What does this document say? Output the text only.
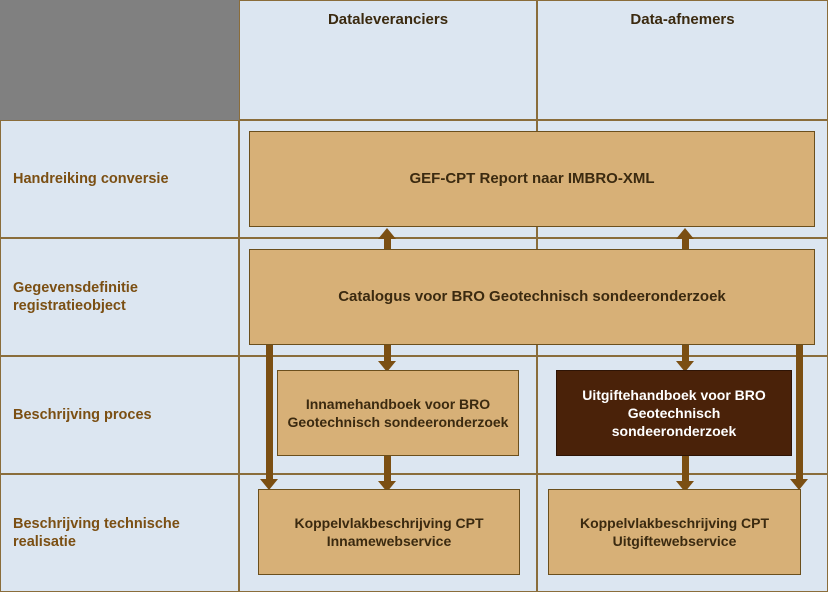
Dataleveranciers	Data-afnemers
Handreiking conversie
Gegevensdefinitie registratieobject
Beschrijving proces
Beschrijving technische realisatie
GEF-CPT Report naar IMBRO-XML
Catalogus voor BRO Geotechnisch sondeeronderzoek
Innamehandboek voor BRO Geotechnisch sondeeronderzoek
Uitgiftehandboek voor BRO Geotechnisch sondeeronderzoek
Koppelvlakbeschrijving CPT Innamewebservice
Koppelvlakbeschrijving CPT Uitgiftewebservice
